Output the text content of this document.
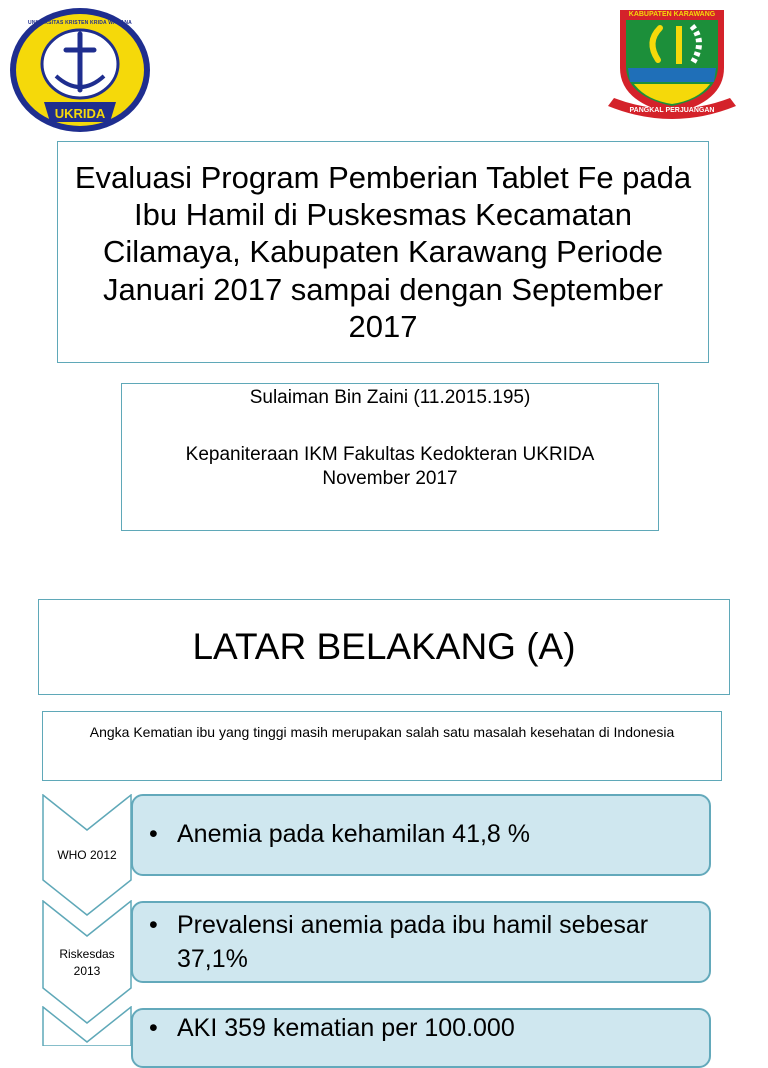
UKRIDA
UNIVERSITAS KRISTEN KRIDA WACANA
KABUPATEN KARAWANG
PANGKAL PERJUANGAN
Evaluasi Program Pemberian Tablet Fe pada Ibu Hamil di Puskesmas Kecamatan Cilamaya, Kabupaten Karawang Periode Januari 2017 sampai dengan September 2017
Sulaiman Bin Zaini (11.2015.195)
Kepaniteraan IKM Fakultas Kedokteran UKRIDA
November 2017
LATAR BELAKANG (A)
Angka Kematian ibu yang tinggi masih merupakan salah satu masalah kesehatan di Indonesia
WHO 2012
• Anemia pada kehamilan 41,8 %
Riskesdas 2013
• Prevalensi anemia pada ibu hamil sebesar 37,1%
• AKI 359 kematian per 100.000
